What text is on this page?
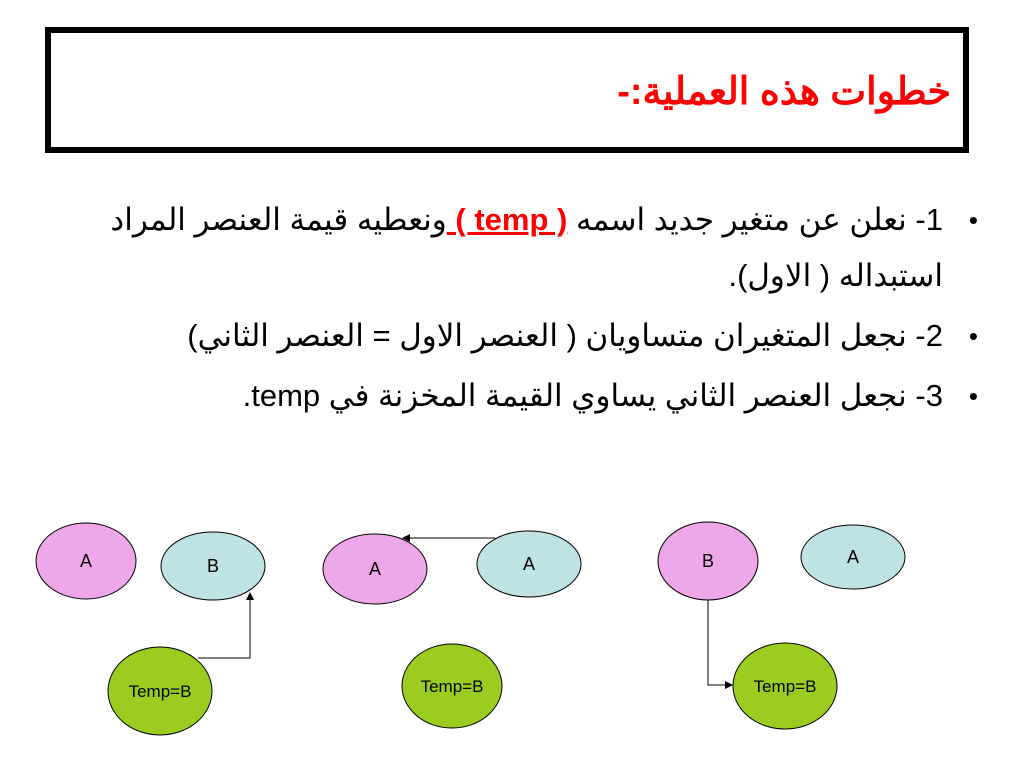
خطوات هذه العملية:-
•
1- نعلن عن متغير جديد اسمه ( temp ) ونعطيه قيمة العنصر المراد استبداله ( الاول).
•
2- نجعل المتغيران متساويان ( العنصر الاول = العنصر الثاني)
•
3- نجعل العنصر الثاني يساوي القيمة المخزنة في temp.
A	B
Temp=B
A	A
Temp=B
B	A
Temp=B
